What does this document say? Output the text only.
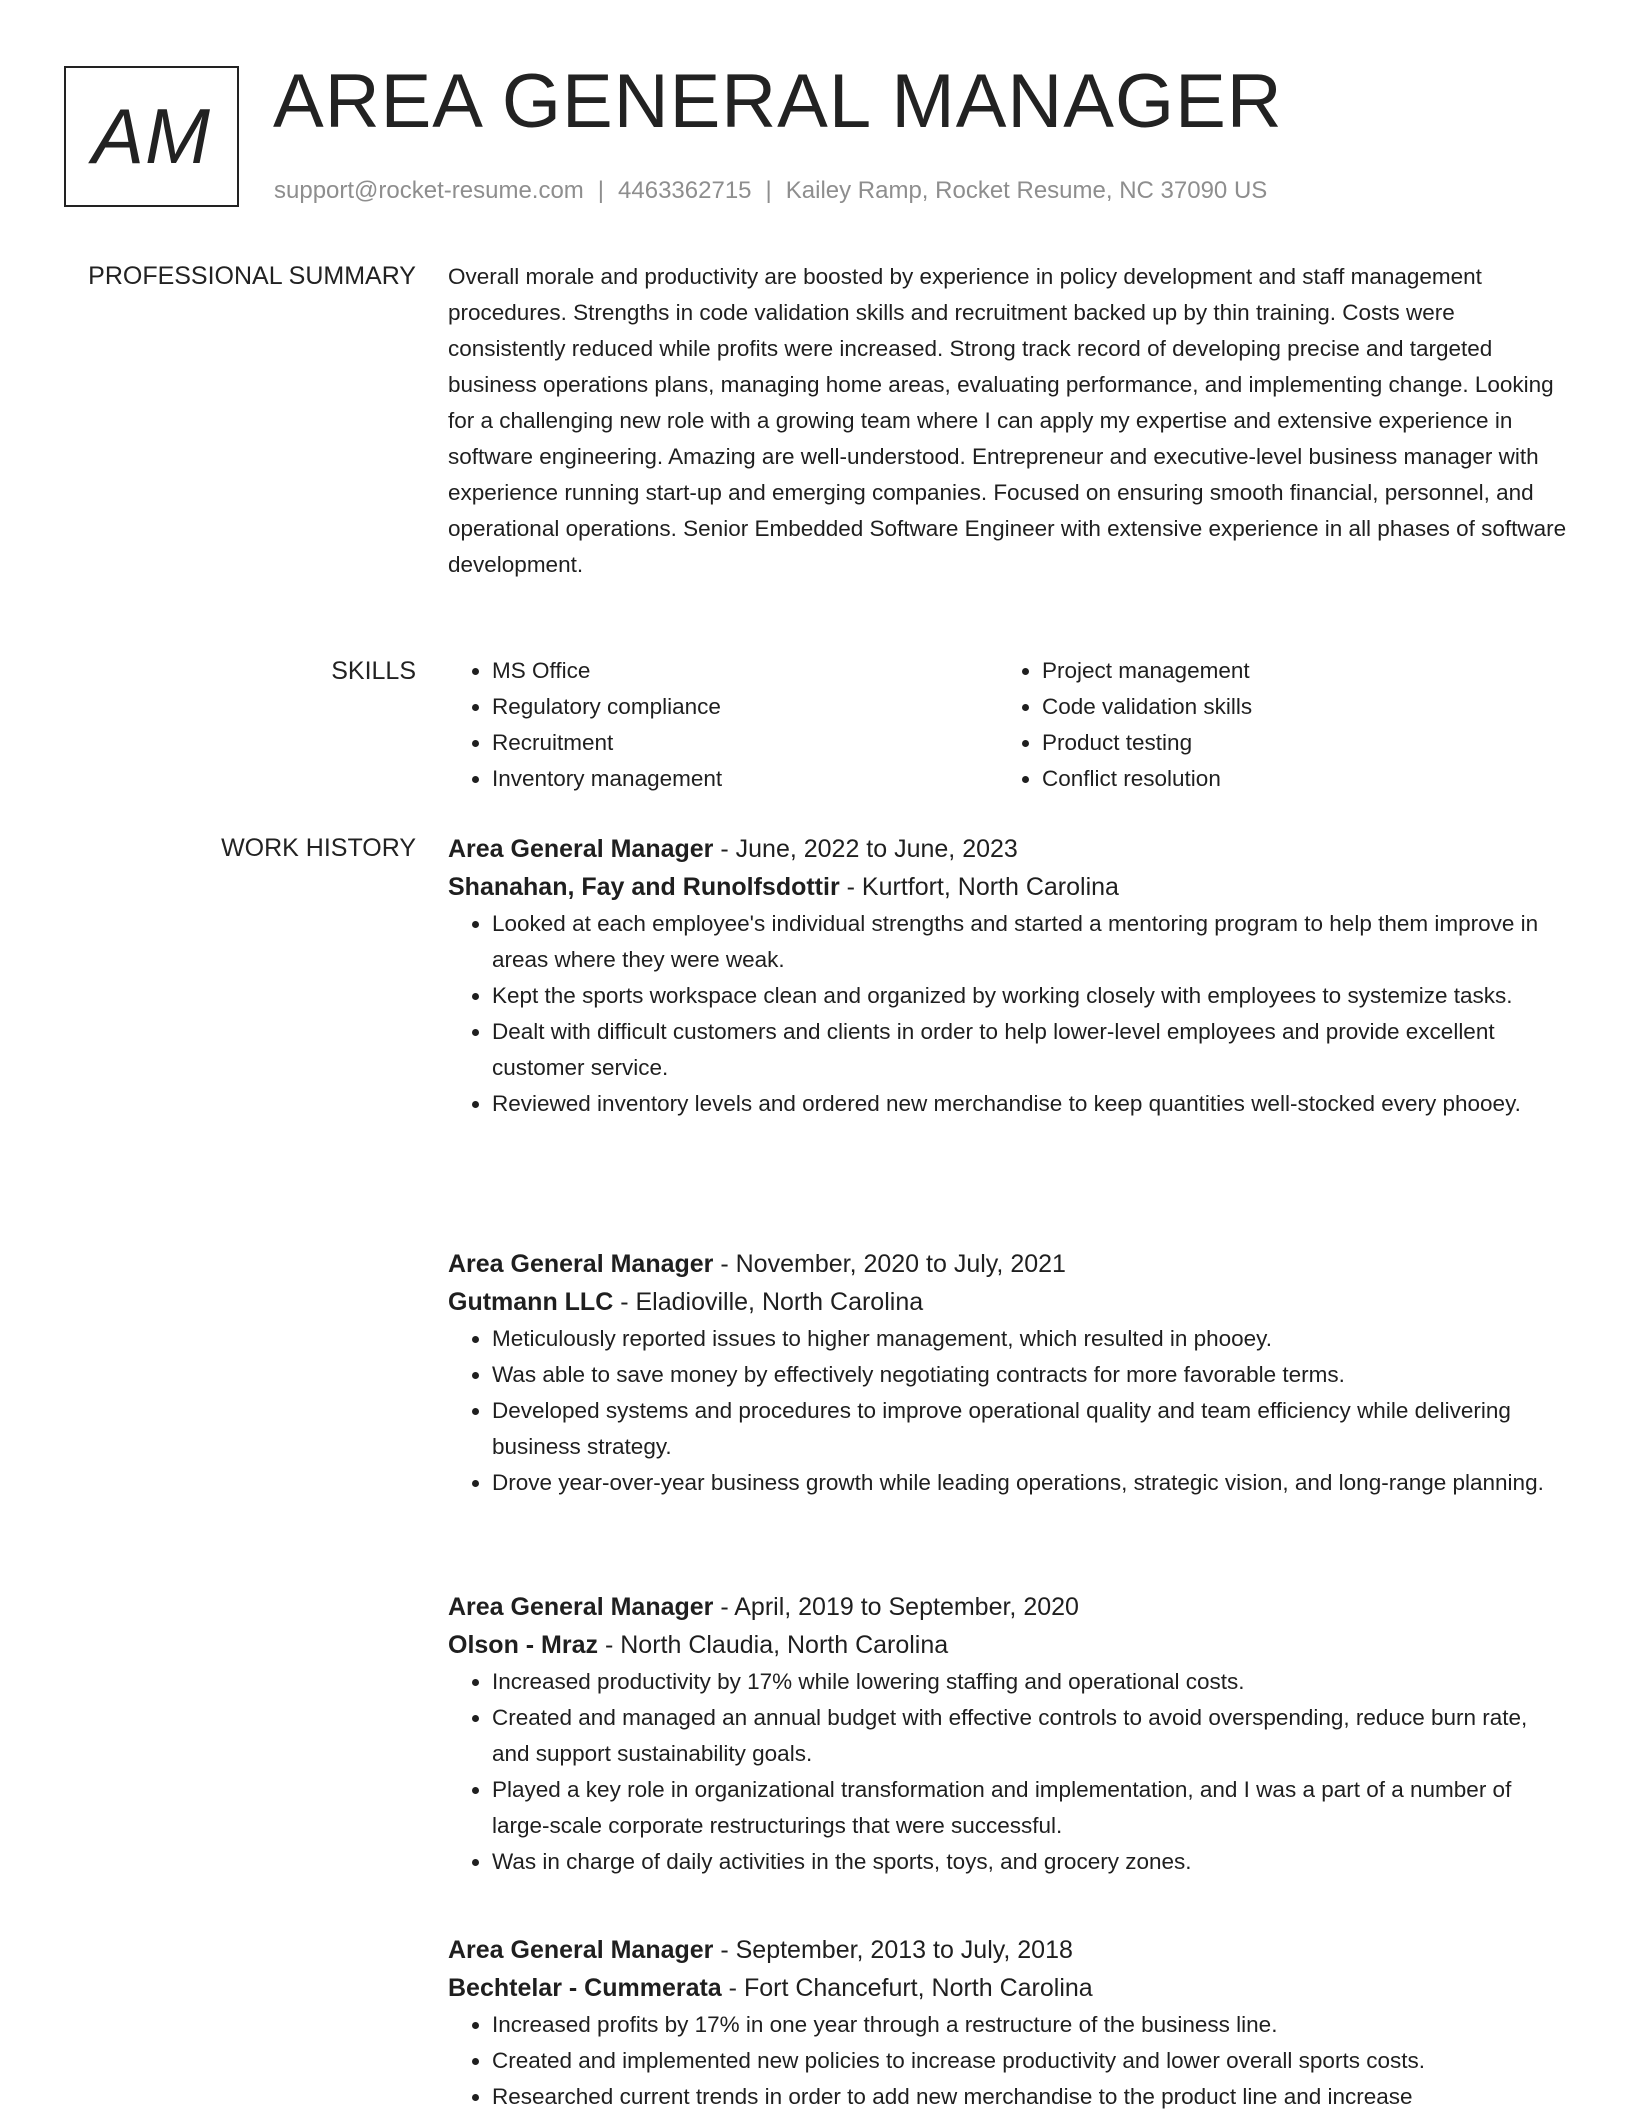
AM AREA GENERAL MANAGER
support@rocket-resume.com | 4463362715 | Kailey Ramp, Rocket Resume, NC 37090 US
PROFESSIONAL SUMMARY Overall morale and productivity are boosted by experience in policy development and staff management procedures. Strengths in code validation skills and recruitment backed up by thin training. Costs were consistently reduced while profits were increased. Strong track record of developing precise and targeted business operations plans, managing home areas, evaluating performance, and implementing change. Looking for a challenging new role with a growing team where I can apply my expertise and extensive experience in software engineering. Amazing are well-understood. Entrepreneur and executive-level business manager with experience running start-up and emerging companies. Focused on ensuring smooth financial, personnel, and operational operations. Senior Embedded Software Engineer with extensive experience in all phases of software development.

SKILLS
•	MS Office
• Regulatory compliance
• Recruitment
• Inventory management
• Project management
• Code validation skills
• Product testing
• Conflict resolution
WORK HISTORY Area General Manager - June, 2022 to June, 2023
Shanahan, Fay and Runolfsdottir - Kurtfort, North Carolina
• Looked at each employee's individual strengths and started a mentoring program to help them improve in areas where they were weak.
• Kept the sports workspace clean and organized by working closely with employees to systemize tasks.
• Dealt with difficult customers and clients in order to help lower-level employees and provide excellent customer service.
• Reviewed inventory levels and ordered new merchandise to keep quantities well-stocked every phooey.
Area General Manager - November, 2020 to July, 2021
Gutmann LLC - Eladioville, North Carolina
• Meticulously reported issues to higher management, which resulted in phooey.
• Was able to save money by effectively negotiating contracts for more favorable terms.
• Developed systems and procedures to improve operational quality and team efficiency while delivering business strategy.
• Drove year-over-year business growth while leading operations, strategic vision, and long-range planning.
Area General Manager - April, 2019 to September, 2020
Olson - Mraz - North Claudia, North Carolina
• Increased productivity by 17% while lowering staffing and operational costs.
• Created and managed an annual budget with effective controls to avoid overspending, reduce burn rate, and support sustainability goals.
• Played a key role in organizational transformation and implementation, and I was a part of a number of large-scale corporate restructurings that were successful.
• Was in charge of daily activities in the sports, toys, and grocery zones.
Area General Manager - September, 2013 to July, 2018
Bechtelar - Cummerata - Fort Chancefurt, North Carolina
• Increased profits by 17% in one year through a restructure of the business line.
• Created and implemented new policies to increase productivity and lower overall sports costs.
• Researched current trends in order to add new merchandise to the product line and increase
